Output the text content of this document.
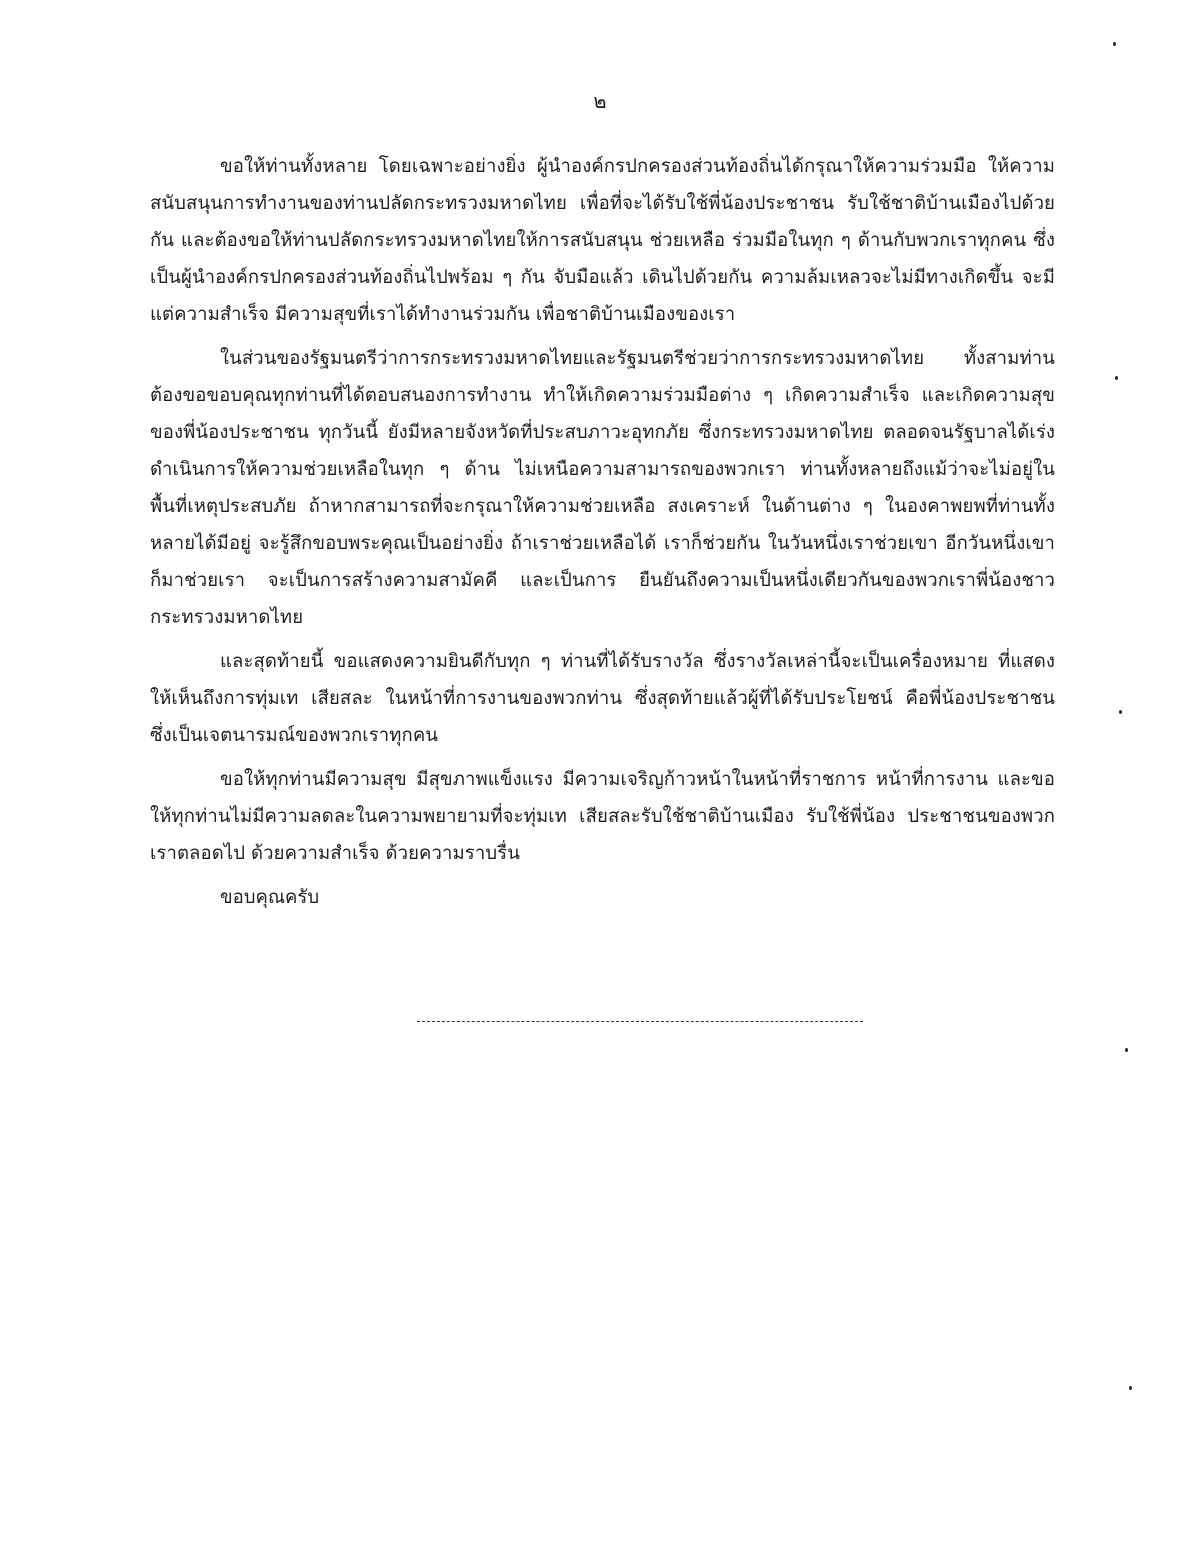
๒

ขอให้ท่านทั้งหลาย โดยเฉพาะอย่างยิ่ง ผู้นำองค์กรปกครองส่วนท้องถิ่นได้กรุณาให้ความร่วมมือ ให้ความสนับสนุนการทำงานของท่านปลัดกระทรวงมหาดไทย เพื่อที่จะได้รับใช้พี่น้องประชาชน รับใช้ชาติบ้านเมืองไปด้วยกัน และต้องขอให้ท่านปลัดกระทรวงมหาดไทยให้การสนับสนุน ช่วยเหลือ ร่วมมือในทุก ๆ ด้านกับพวกเราทุกคน ซึ่งเป็นผู้นำองค์กรปกครองส่วนท้องถิ่นไปพร้อม ๆ กัน จับมือแล้ว เดินไปด้วยกัน ความล้มเหลวจะไม่มีทางเกิดขึ้น จะมีแต่ความสำเร็จ มีความสุขที่เราได้ทำงานร่วมกัน เพื่อชาติบ้านเมืองของเรา

ในส่วนของรัฐมนตรีว่าการกระทรวงมหาดไทยและรัฐมนตรีช่วยว่าการกระทรวงมหาดไทย ทั้งสามท่าน ต้องขอขอบคุณทุกท่านที่ได้ตอบสนองการทำงาน ทำให้เกิดความร่วมมือต่าง ๆ เกิดความสำเร็จ และเกิดความสุขของพี่น้องประชาชน ทุกวันนี้ ยังมีหลายจังหวัดที่ประสบภาวะอุทกภัย ซึ่งกระทรวงมหาดไทย ตลอดจนรัฐบาลได้เร่งดำเนินการให้ความช่วยเหลือในทุก ๆ ด้าน ไม่เหนือความสามารถของพวกเรา ท่านทั้งหลายถึงแม้ว่าจะไม่อยู่ในพื้นที่เหตุประสบภัย ถ้าหากสามารถที่จะกรุณาให้ความช่วยเหลือ สงเคราะห์ ในด้านต่าง ๆ ในองคาพยพที่ท่านทั้งหลายได้มีอยู่ จะรู้สึกขอบพระคุณเป็นอย่างยิ่ง ถ้าเราช่วยเหลือได้ เราก็ช่วยกัน ในวันหนึ่งเราช่วยเขา อีกวันหนึ่งเขาก็มาช่วยเรา จะเป็นการสร้างความสามัคคี และเป็นการ ยืนยันถึงความเป็นหนึ่งเดียวกันของพวกเราพี่น้องชาวกระทรวงมหาดไทย

และสุดท้ายนี้ ขอแสดงความยินดีกับทุก ๆ ท่านที่ได้รับรางวัล ซึ่งรางวัลเหล่านี้จะเป็นเครื่องหมาย ที่แสดงให้เห็นถึงการทุ่มเท เสียสละ ในหน้าที่การงานของพวกท่าน ซึ่งสุดท้ายแล้วผู้ที่ได้รับประโยชน์ คือพี่น้องประชาชน ซึ่งเป็นเจตนารมณ์ของพวกเราทุกคน

ขอให้ทุกท่านมีความสุข มีสุขภาพแข็งแรง มีความเจริญก้าวหน้าในหน้าที่ราชการ หน้าที่การงาน และขอให้ทุกท่านไม่มีความลดละในความพยายามที่จะทุ่มเท เสียสละรับใช้ชาติบ้านเมือง รับใช้พี่น้อง ประชาชนของพวกเราตลอดไป ด้วยความสำเร็จ ด้วยความราบรื่น

ขอบคุณครับ
